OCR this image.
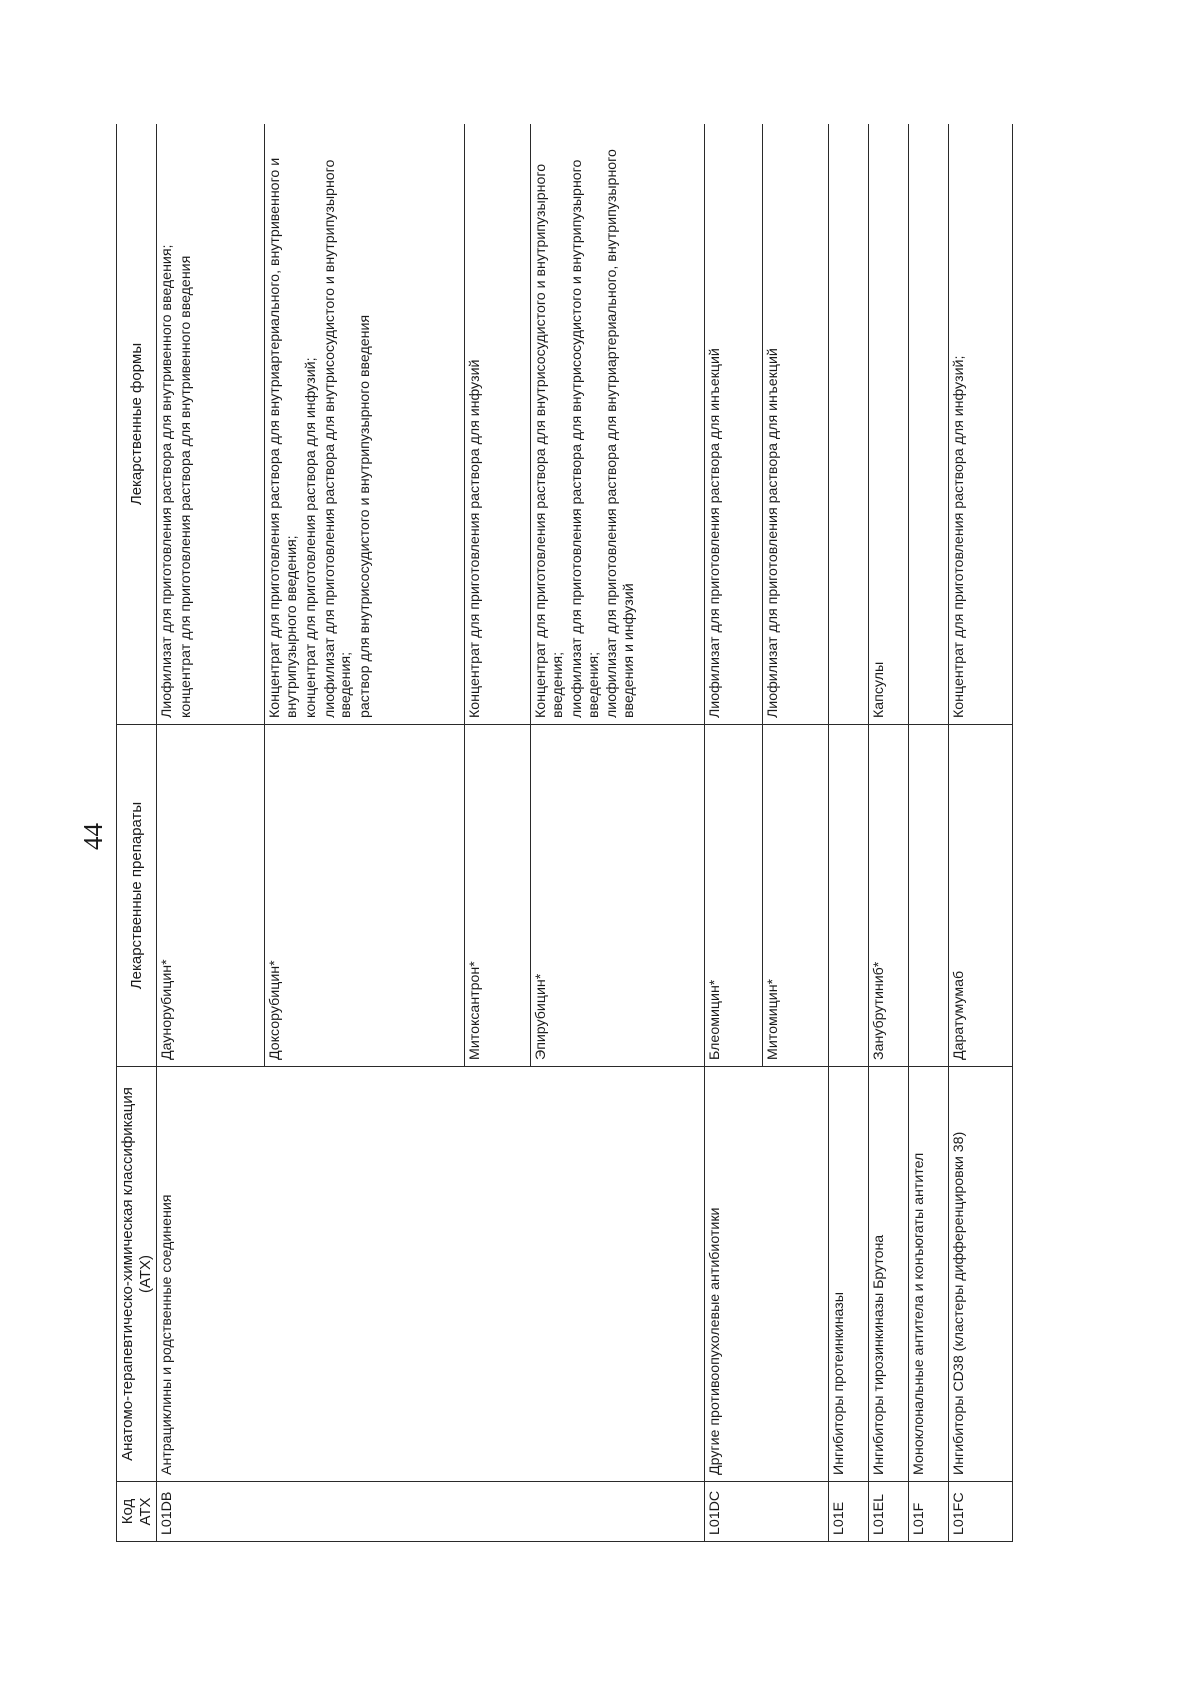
44
Код АТХ	Анатомо-терапевтическо-химическая классификация (АТХ)	Лекарственные препараты	Лекарственные формы
L01DB	Антрациклины и родственные соединения	Даунорубицин*	Лиофилизат для приготовления раствора для внутривенного введения; концентрат для приготовления раствора для внутривенного введения

		Доксорубицин*	Концентрат для приготовления раствора для внутриартериального, внутривенного и внутрипузырного введения; концентрат для приготовления раствора для инфузий; лиофилизат для приготовления раствора для внутрисосудистого и внутрипузырного введения; раствор для внутрисосудистого и внутрипузырного введения

		Митоксантрон*	Концентрат для приготовления раствора для инфузий

		Эпирубицин*	Концентрат для приготовления раствора для внутрисосудистого и внутрипузырного введения; лиофилизат для приготовления раствора для внутрисосудистого и внутрипузырного введения; лиофилизат для приготовления раствора для внутриартериального, внутрипузырного введения и инфузий

L01DC	Другие противоопухолевые антибиотики	Блеомицин*	Лиофилизат для приготовления раствора для инъекций

		Митомицин*	Лиофилизат для приготовления раствора для инъекций

L01E	Ингибиторы протеинкиназы		
L01EL	Ингибиторы тирозинкиназы Брутона	Занубрутиниб*	Капсулы
L01F	Моноклональные антитела и конъюгаты антител		
L01FC	Ингибиторы CD38 (кластеры дифференцировки 38)	Даратумумаб	Концентрат для приготовления раствора для инфузий;
